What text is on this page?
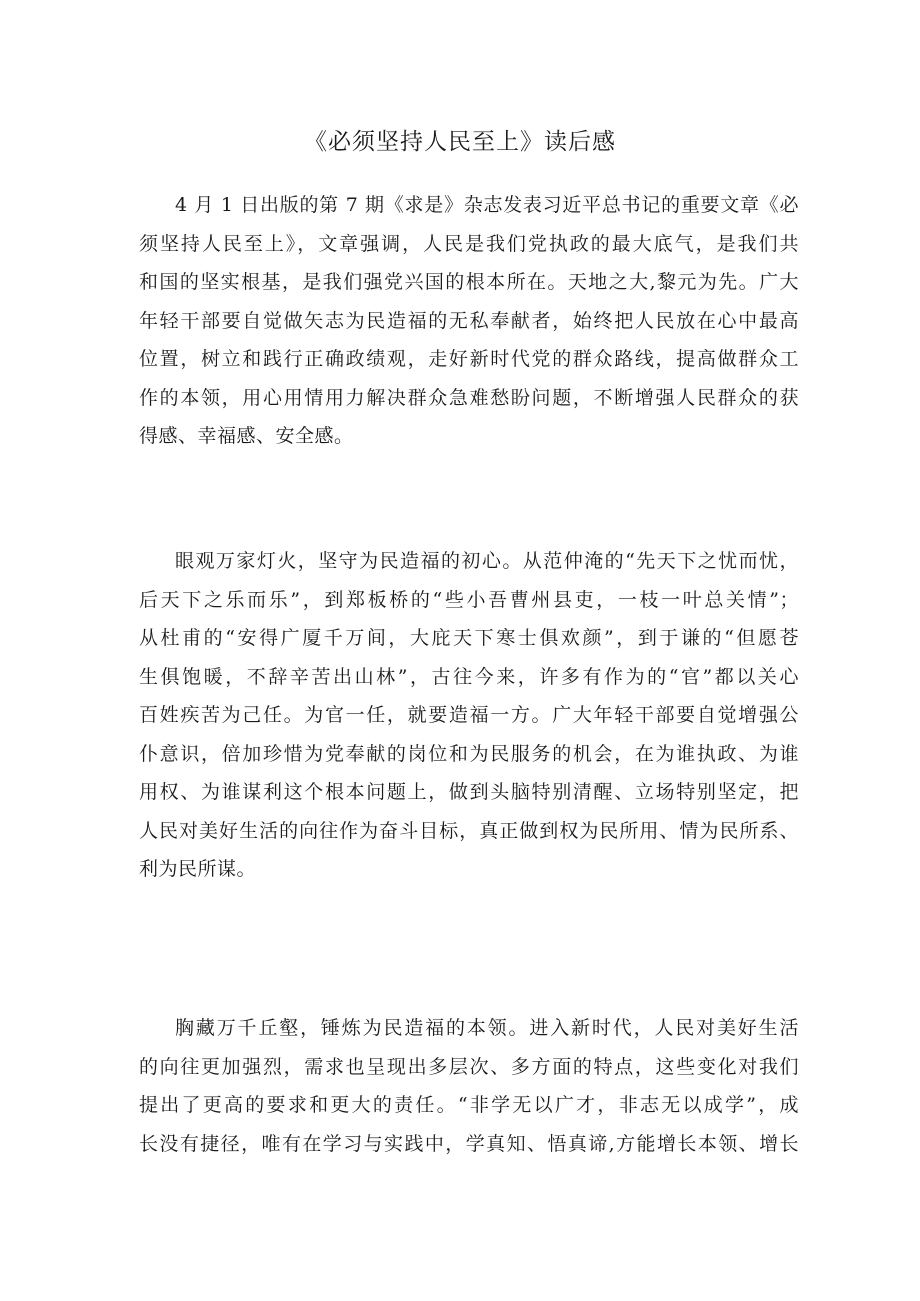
《必须坚持人民至上》读后感
4 月 1 日出版的第 7 期《求是》杂志发表习近平总书记的重要文章《必
须坚持人民至上》，文章强调，人民是我们党执政的最大底气，是我们共
和国的坚实根基，是我们强党兴国的根本所在。天地之大,黎元为先。广大
年轻干部要自觉做矢志为民造福的无私奉献者，始终把人民放在心中最高
位置，树立和践行正确政绩观，走好新时代党的群众路线，提高做群众工
作的本领，用心用情用力解决群众急难愁盼问题，不断增强人民群众的获
得感、幸福感、安全感。
眼观万家灯火，坚守为民造福的初心。从范仲淹的“先天下之忧而忧，
后天下之乐而乐”，到郑板桥的“些小吾曹州县吏，一枝一叶总关情”；
从杜甫的“安得广厦千万间，大庇天下寒士俱欢颜”，到于谦的“但愿苍
生俱饱暖，不辞辛苦出山林”，古往今来，许多有作为的“官”都以关心
百姓疾苦为己任。为官一任，就要造福一方。广大年轻干部要自觉增强公
仆意识，倍加珍惜为党奉献的岗位和为民服务的机会，在为谁执政、为谁
用权、为谁谋利这个根本问题上，做到头脑特别清醒、立场特别坚定，把
人民对美好生活的向往作为奋斗目标，真正做到权为民所用、情为民所系、
利为民所谋。
胸藏万千丘壑，锤炼为民造福的本领。进入新时代，人民对美好生活
的向往更加强烈，需求也呈现出多层次、多方面的特点，这些变化对我们
提出了更高的要求和更大的责任。“非学无以广才，非志无以成学”，成
长没有捷径，唯有在学习与实践中，学真知、悟真谛,方能增长本领、增长
